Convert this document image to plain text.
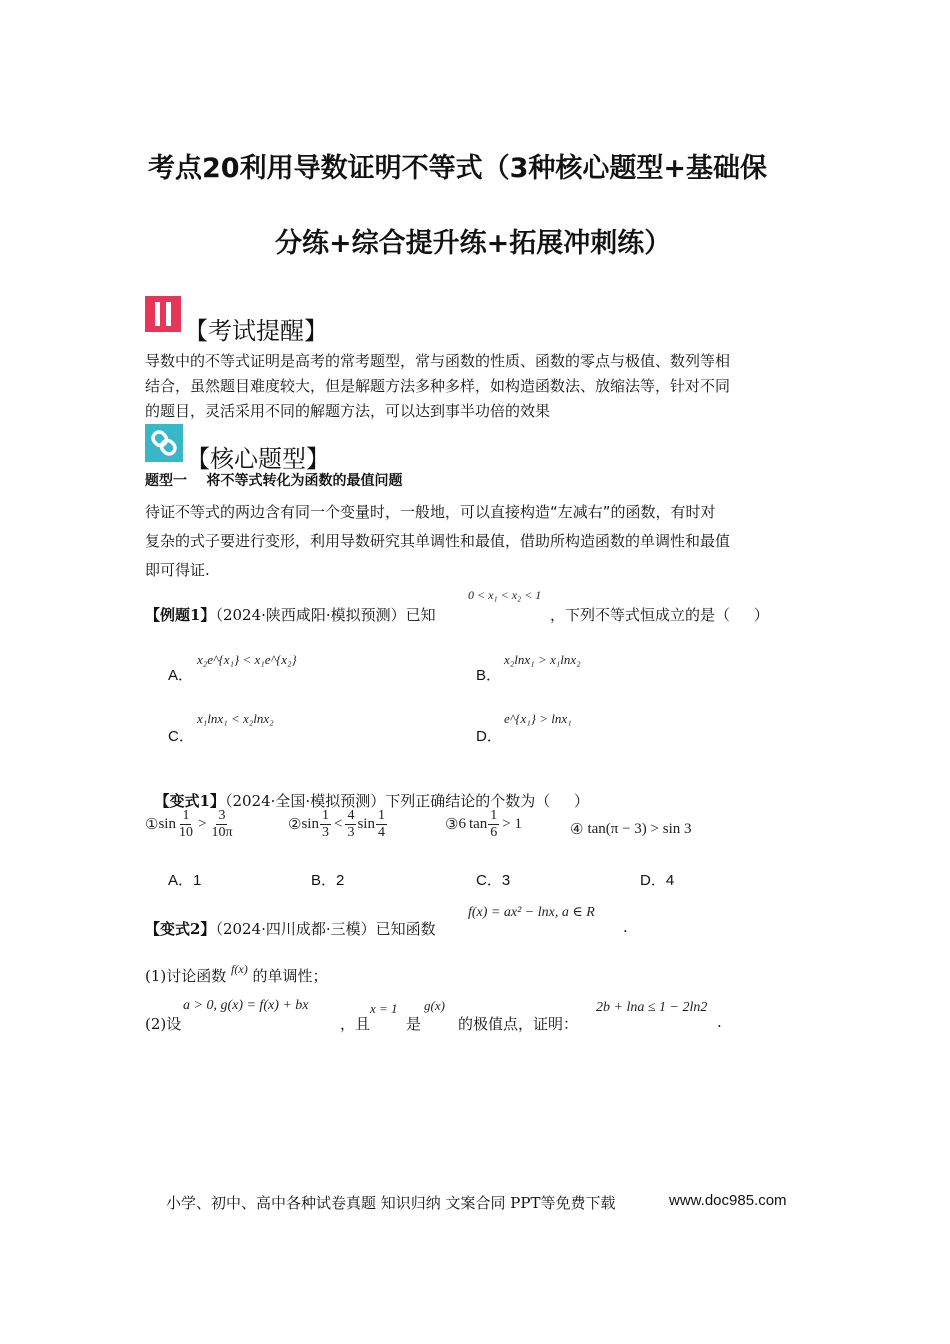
考点20利用导数证明不等式（3种核心题型+基础保
分练+综合提升练+拓展冲刺练）
【考试提醒】
导数中的不等式证明是高考的常考题型，常与函数的性质、函数的零点与极值、数列等相
结合，虽然题目难度较大，但是解题方法多种多样，如构造函数法、放缩法等，针对不同
的题目，灵活采用不同的解题方法，可以达到事半功倍的效果
【核心题型】
题型一    将不等式转化为函数的最值问题
待证不等式的两边含有同一个变量时，一般地，可以直接构造“左减右”的函数，有时对
复杂的式子要进行变形，利用导数研究其单调性和最值，借助所构造函数的单调性和最值
即可得证.
【例题1】（2024·陕西咸阳·模拟预测）已知
0 < x₁ < x₂ < 1
，下列不等式恒成立的是（     ）
A．
x₂e^{x₁} < x₁e^{x₂}
B．
x₂lnx₁ > x₁lnx₂
C．
x₁lnx₁ < x₂lnx₂
D．
e^{x₁} > lnx₁

【变式1】（2024·全国·模拟预测）下列正确结论的个数为（     ）

① $\sin \frac{1}{10} > \frac{3}{10\pi}$	② $\sin \frac{1}{3} < \frac{4}{3}$ $\sin \frac{1}{4}$	③ 6 $\tan \frac{1}{6} > 1$	④ tan(π − 3) > sin 3
A．1	B．2	C．3	D．4
【变式2】（2024·四川成都·三模）已知函数
f(x) = ax² − lnx, a ∈ R
.
(1)讨论函数 $^{f(x)}$ 的单调性；
(2)设
a > 0, g(x) = f(x) + bx
，且
x = 1
是
g(x)
的极值点，证明：
2b + lna ≤ 1 − 2ln2
.
小学、初中、高中各种试卷真题 知识归纳 文案合同 PPT等免费下载	www.doc985.com
